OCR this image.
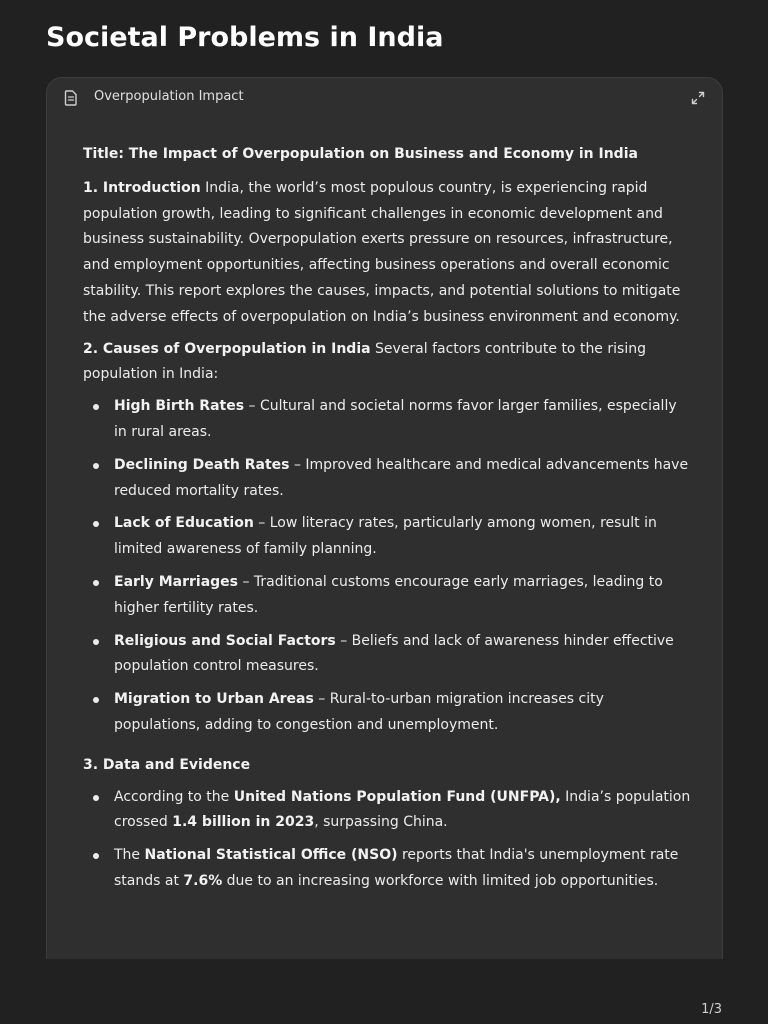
Societal Problems in India
Overpopulation Impact

Title: The Impact of Overpopulation on Business and Economy in India

1. Introduction India, the world’s most populous country, is experiencing rapid population growth, leading to significant challenges in economic development and business sustainability. Overpopulation exerts pressure on resources, infrastructure, and employment opportunities, affecting business operations and overall economic stability. This report explores the causes, impacts, and potential solutions to mitigate the adverse effects of overpopulation on India’s business environment and economy.

2. Causes of Overpopulation in India Several factors contribute to the rising population in India:

High Birth Rates – Cultural and societal norms favor larger families, especially in rural areas.
Declining Death Rates – Improved healthcare and medical advancements have reduced mortality rates.
Lack of Education – Low literacy rates, particularly among women, result in limited awareness of family planning.
Early Marriages – Traditional customs encourage early marriages, leading to higher fertility rates.
Religious and Social Factors – Beliefs and lack of awareness hinder effective population control measures.
Migration to Urban Areas – Rural-to-urban migration increases city populations, adding to congestion and unemployment.

3. Data and Evidence

According to the United Nations Population Fund (UNFPA), India’s population crossed 1.4 billion in 2023, surpassing China.
The National Statistical Office (NSO) reports that India's unemployment rate stands at 7.6% due to an increasing workforce with limited job opportunities.
1/3
